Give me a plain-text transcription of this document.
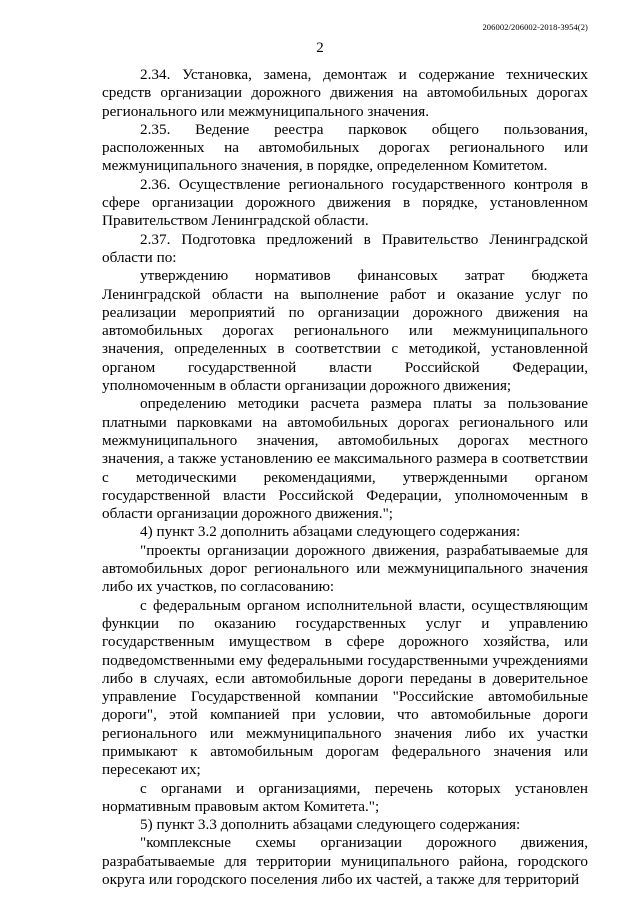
206002/206002-2018-3954(2)
2

2.34. Установка, замена, демонтаж и содержание технических средств организации дорожного движения на автомобильных дорогах регионального или межмуниципального значения.

2.35. Ведение реестра парковок общего пользования, расположенных на автомобильных дорогах регионального или межмуниципального значения, в порядке, определенном Комитетом.

2.36. Осуществление регионального государственного контроля в сфере организации дорожного движения в порядке, установленном Правительством Ленинградской области.

2.37. Подготовка предложений в Правительство Ленинградской области по:

утверждению нормативов финансовых затрат бюджета Ленинградской области на выполнение работ и оказание услуг по реализации мероприятий по организации дорожного движения на автомобильных дорогах регионального или межмуниципального значения, определенных в соответствии с методикой, установленной органом государственной власти Российской Федерации, уполномоченным в области организации дорожного движения;

определению методики расчета размера платы за пользование платными парковками на автомобильных дорогах регионального или межмуниципального значения, автомобильных дорогах местного значения, а также установлению ее максимального размера в соответствии с методическими рекомендациями, утвержденными органом государственной власти Российской Федерации, уполномоченным в области организации дорожного движения.";

4) пункт 3.2 дополнить абзацами следующего содержания:

"проекты организации дорожного движения, разрабатываемые для автомобильных дорог регионального или межмуниципального значения либо их участков, по согласованию:

с федеральным органом исполнительной власти, осуществляющим функции по оказанию государственных услуг и управлению государственным имуществом в сфере дорожного хозяйства, или подведомственными ему федеральными государственными учреждениями либо в случаях, если автомобильные дороги переданы в доверительное управление Государственной компании "Российские автомобильные дороги", этой компанией при условии, что автомобильные дороги регионального или межмуниципального значения либо их участки примыкают к автомобильным дорогам федерального значения или пересекают их;

с органами и организациями, перечень которых установлен нормативным правовым актом Комитета.";

5) пункт 3.3 дополнить абзацами следующего содержания:

"комплексные схемы организации дорожного движения, разрабатываемые для территории муниципального района, городского округа или городского поселения либо их частей, а также для территорий
